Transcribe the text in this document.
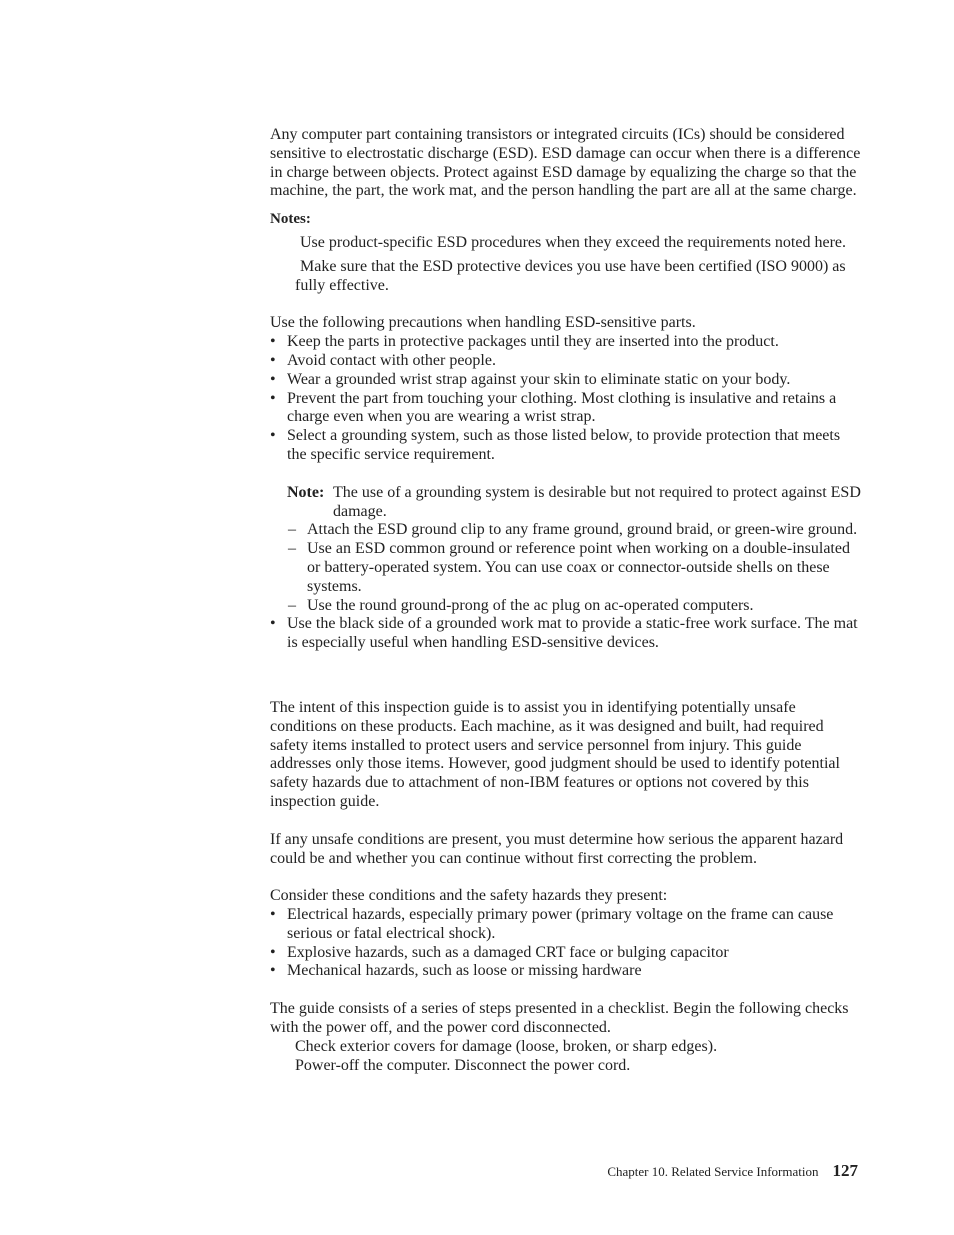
Any computer part containing transistors or integrated circuits (ICs) should be considered sensitive to electrostatic discharge (ESD). ESD damage can occur when there is a difference in charge between objects. Protect against ESD damage by equalizing the charge so that the machine, the part, the work mat, and the person handling the part are all at the same charge.

Notes:

Use product-specific ESD procedures when they exceed the requirements noted here.

Make sure that the ESD protective devices you use have been certified (ISO 9000) as fully effective.

Use the following precautions when handling ESD-sensitive parts.

• Keep the parts in protective packages until they are inserted into the product.
• Avoid contact with other people.
• Wear a grounded wrist strap against your skin to eliminate static on your body.
• Prevent the part from touching your clothing. Most clothing is insulative and retains a charge even when you are wearing a wrist strap.
• Select a grounding system, such as those listed below, to provide protection that meets the specific service requirement.
Note: The use of a grounding system is desirable but not required to protect against ESD damage.
– Attach the ESD ground clip to any frame ground, ground braid, or green-wire ground.
– Use an ESD common ground or reference point when working on a double-insulated or battery-operated system. You can use coax or connector-outside shells on these systems.
– Use the round ground-prong of the ac plug on ac-operated computers.
• Use the black side of a grounded work mat to provide a static-free work surface. The mat is especially useful when handling ESD-sensitive devices.

The intent of this inspection guide is to assist you in identifying potentially unsafe conditions on these products. Each machine, as it was designed and built, had required safety items installed to protect users and service personnel from injury. This guide addresses only those items. However, good judgment should be used to identify potential safety hazards due to attachment of non-IBM features or options not covered by this inspection guide.

If any unsafe conditions are present, you must determine how serious the apparent hazard could be and whether you can continue without first correcting the problem.

Consider these conditions and the safety hazards they present:

• Electrical hazards, especially primary power (primary voltage on the frame can cause serious or fatal electrical shock).
• Explosive hazards, such as a damaged CRT face or bulging capacitor
• Mechanical hazards, such as loose or missing hardware

The guide consists of a series of steps presented in a checklist. Begin the following checks with the power off, and the power cord disconnected.

Check exterior covers for damage (loose, broken, or sharp edges).

Power-off the computer. Disconnect the power cord.

Chapter 10. Related Service Information 127
